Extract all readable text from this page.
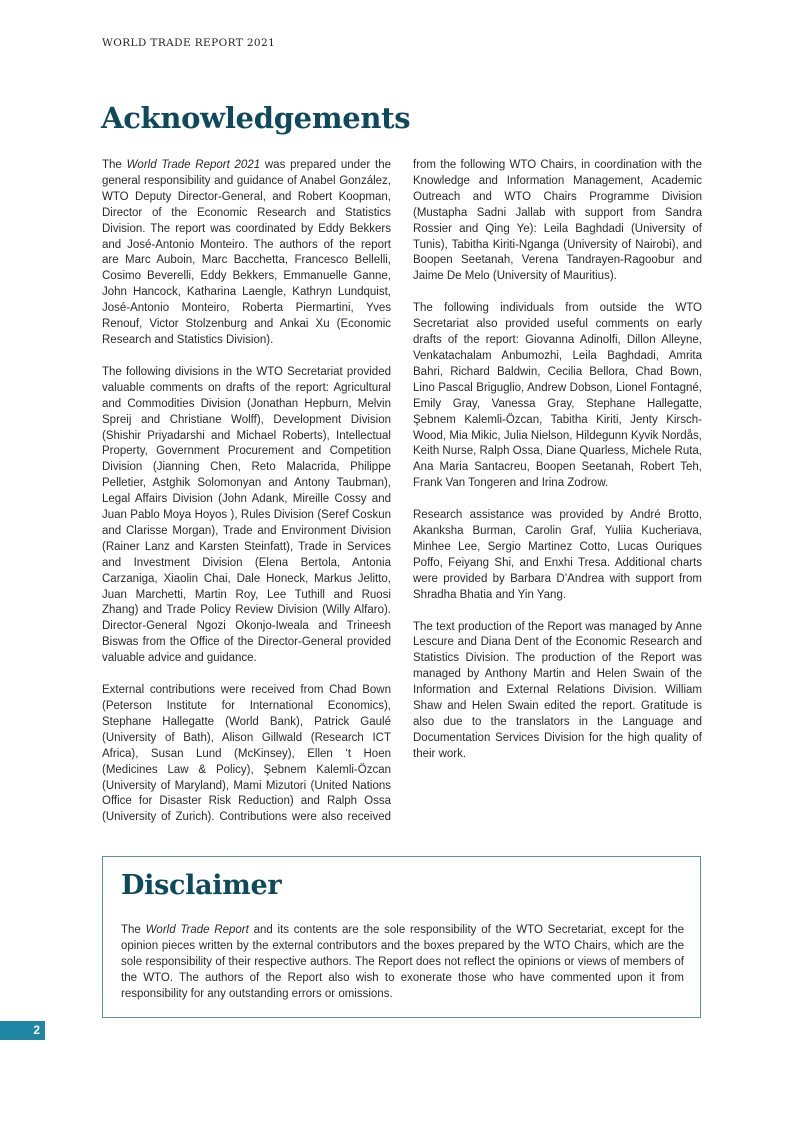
WORLD TRADE REPORT 2021
Acknowledgements

The World Trade Report 2021 was prepared under the general responsibility and guidance of Anabel González, WTO Deputy Director-General, and Robert Koopman, Director of the Economic Research and Statistics Division. The report was coordinated by Eddy Bekkers and José-Antonio Monteiro. The authors of the report are Marc Auboin, Marc Bacchetta, Francesco Bellelli, Cosimo Beverelli, Eddy Bekkers, Emmanuelle Ganne, John Hancock, Katharina Laengle, Kathryn Lundquist, José-Antonio Monteiro, Roberta Piermartini, Yves Renouf, Victor Stolzenburg and Ankai Xu (Economic Research and Statistics Division).

The following divisions in the WTO Secretariat provided valuable comments on drafts of the report: Agricultural and Commodities Division (Jonathan Hepburn, Melvin Spreij and Christiane Wolff), Development Division (Shishir Priyadarshi and Michael Roberts), Intellectual Property, Government Procurement and Competition Division (Jianning Chen, Reto Malacrida, Philippe Pelletier, Astghik Solomonyan and Antony Taubman), Legal Affairs Division (John Adank, Mireille Cossy and Juan Pablo Moya Hoyos ), Rules Division (Seref Coskun and Clarisse Morgan), Trade and Environment Division (Rainer Lanz and Karsten Steinfatt), Trade in Services and Investment Division (Elena Bertola, Antonia Carzaniga, Xiaolin Chai, Dale Honeck, Markus Jelitto, Juan Marchetti, Martin Roy, Lee Tuthill and Ruosi Zhang) and Trade Policy Review Division (Willy Alfaro). Director-General Ngozi Okonjo-Iweala and Trineesh Biswas from the Office of the Director-General provided valuable advice and guidance.

External contributions were received from Chad Bown (Peterson Institute for International Economics), Stephane Hallegatte (World Bank), Patrick Gaulé (University of Bath), Alison Gillwald (Research ICT Africa), Susan Lund (McKinsey), Ellen ‘t Hoen (Medicines Law & Policy), Şebnem Kalemli-Özcan (University of Maryland), Mami Mizutori (United Nations Office for Disaster Risk Reduction) and Ralph Ossa (University of Zurich). Contributions were also received

from the following WTO Chairs, in coordination with the Knowledge and Information Management, Academic Outreach and WTO Chairs Programme Division (Mustapha Sadni Jallab with support from Sandra Rossier and Qing Ye): Leila Baghdadi (University of Tunis), Tabitha Kiriti-Nganga (University of Nairobi), and Boopen Seetanah, Verena Tandrayen-Ragoobur and Jaime De Melo (University of Mauritius).

The following individuals from outside the WTO Secretariat also provided useful comments on early drafts of the report: Giovanna Adinolfi, Dillon Alleyne, Venkatachalam Anbumozhi, Leila Baghdadi, Amrita Bahri, Richard Baldwin, Cecilia Bellora, Chad Bown, Lino Pascal Briguglio, Andrew Dobson, Lionel Fontagné, Emily Gray, Vanessa Gray, Stephane Hallegatte, Şebnem Kalemli-Özcan, Tabitha Kiriti, Jenty Kirsch-Wood, Mia Mikic, Julia Nielson, Hildegunn Kyvik Nordås, Keith Nurse, Ralph Ossa, Diane Quarless, Michele Ruta, Ana Maria Santacreu, Boopen Seetanah, Robert Teh, Frank Van Tongeren and Irina Zodrow.

Research assistance was provided by André Brotto, Akanksha Burman, Carolin Graf, Yuliia Kucheriava, Minhee Lee, Sergio Martinez Cotto, Lucas Ouriques Poffo, Feiyang Shi, and Enxhi Tresa. Additional charts were provided by Barbara D’Andrea with support from Shradha Bhatia and Yin Yang.

The text production of the Report was managed by Anne Lescure and Diana Dent of the Economic Research and Statistics Division. The production of the Report was managed by Anthony Martin and Helen Swain of the Information and External Relations Division. William Shaw and Helen Swain edited the report. Gratitude is also due to the translators in the Language and Documentation Services Division for the high quality of their work.

Disclaimer

The World Trade Report and its contents are the sole responsibility of the WTO Secretariat, except for the opinion pieces written by the external contributors and the boxes prepared by the WTO Chairs, which are the sole responsibility of their respective authors. The Report does not reflect the opinions or views of members of the WTO. The authors of the Report also wish to exonerate those who have commented upon it from responsibility for any outstanding errors or omissions.

2
